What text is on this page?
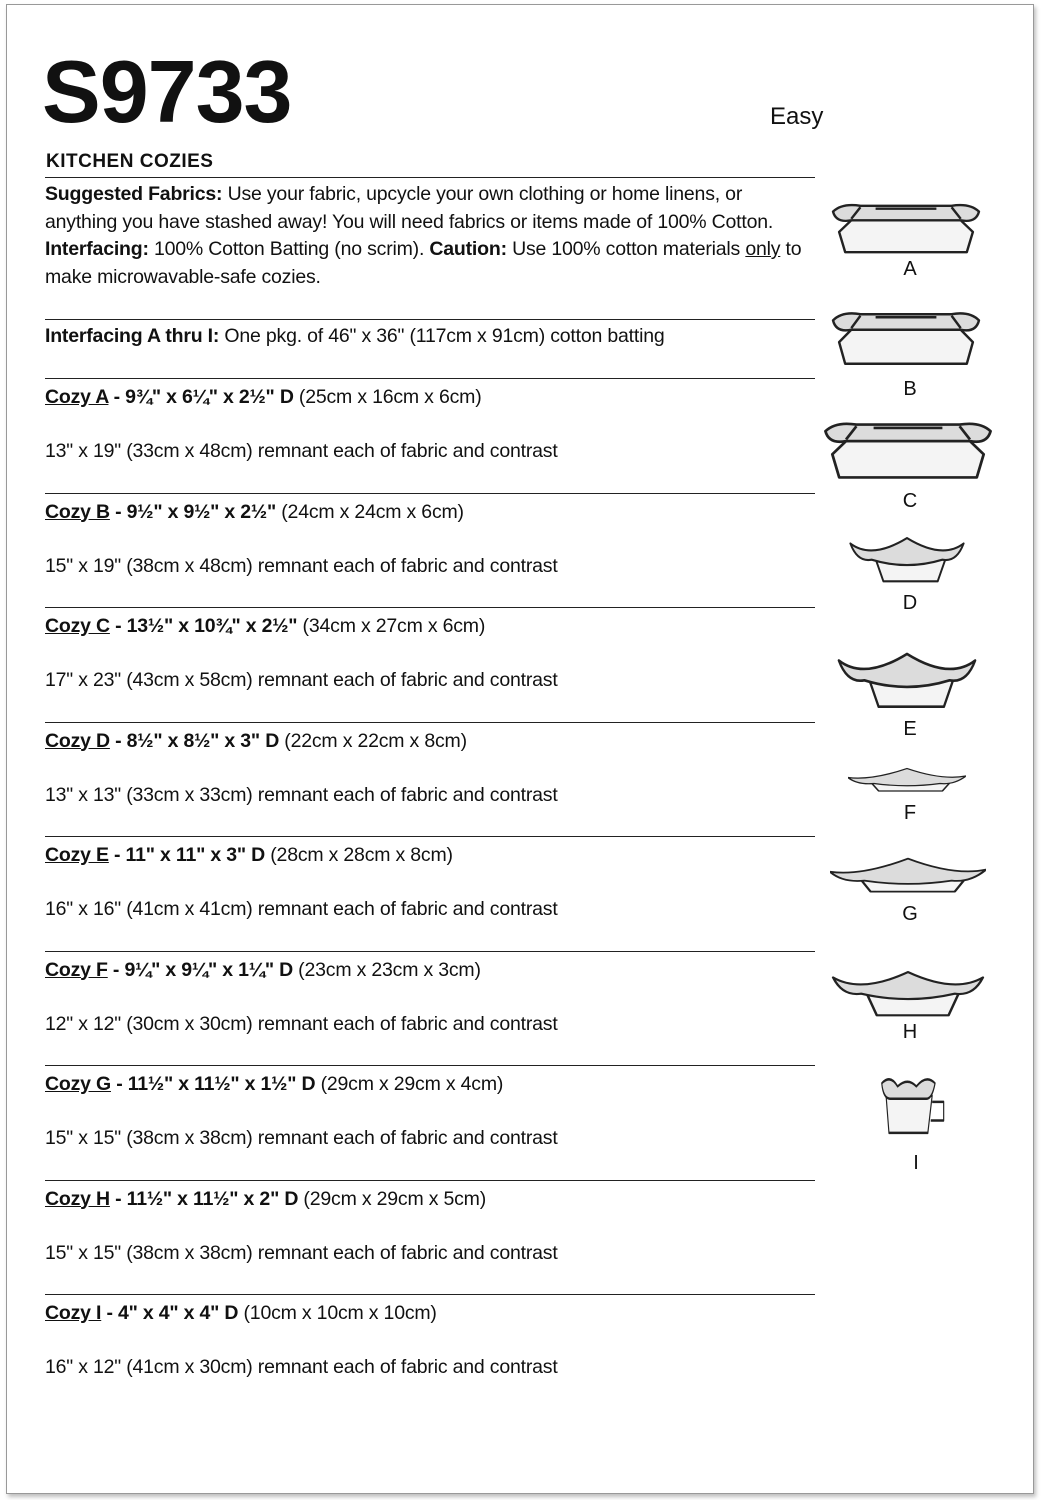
S9733	Easy
KITCHEN COZIES
Suggested Fabrics: Use your fabric, upcycle your own clothing or home linens, or anything you have stashed away! You will need fabrics or items made of 100% Cotton. Interfacing: 100% Cotton Batting (no scrim). Caution: Use 100% cotton materials only to make microwavable-safe cozies.
Interfacing A thru I: One pkg. of 46" x 36" (117cm x 91cm) cotton batting
Cozy A - 9¾" x 6¼" x 2½" D (25cm x 16cm x 6cm)
13" x 19" (33cm x 48cm) remnant each of fabric and contrast
Cozy B - 9½" x 9½" x 2½" (24cm x 24cm x 6cm)
15" x 19" (38cm x 48cm) remnant each of fabric and contrast
Cozy C - 13½" x 10¾" x 2½" (34cm x 27cm x 6cm)
17" x 23" (43cm x 58cm) remnant each of fabric and contrast
Cozy D - 8½" x 8½" x 3" D (22cm x 22cm x 8cm)
13" x 13" (33cm x 33cm) remnant each of fabric and contrast
Cozy E - 11" x 11" x 3" D (28cm x 28cm x 8cm)
16" x 16" (41cm x 41cm) remnant each of fabric and contrast
Cozy F - 9¼" x 9¼" x 1¼" D (23cm x 23cm x 3cm)
12" x 12" (30cm x 30cm) remnant each of fabric and contrast
Cozy G - 11½" x 11½" x 1½" D (29cm x 29cm x 4cm)
15" x 15" (38cm x 38cm) remnant each of fabric and contrast
Cozy H - 11½" x 11½" x 2" D (29cm x 29cm x 5cm)
15" x 15" (38cm x 38cm) remnant each of fabric and contrast
Cozy I - 4" x 4" x 4" D (10cm x 10cm x 10cm)
16" x 12" (41cm x 30cm) remnant each of fabric and contrast
A
B
C
D
E
F
G
H
I
